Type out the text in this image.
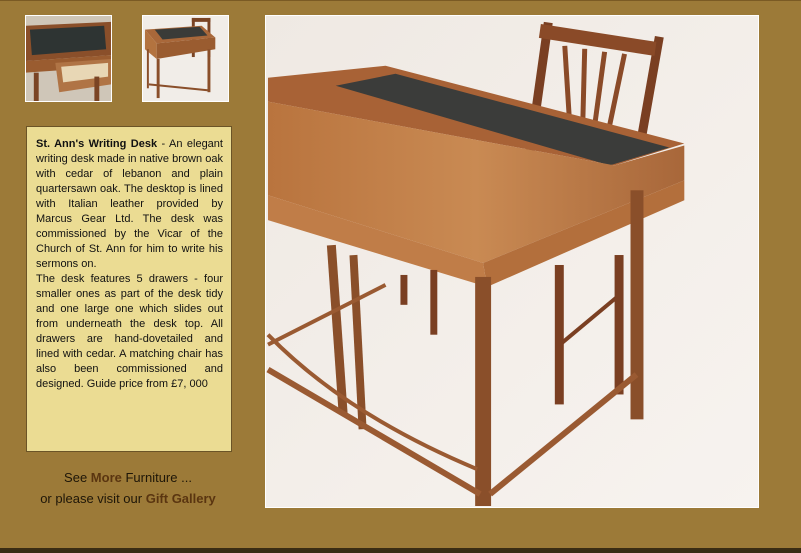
St. Ann's Writing Desk - An elegant writing desk made in native brown oak with cedar of lebanon and plain quartersawn oak. The desktop is lined with Italian leather provided by Marcus Gear Ltd. The desk was commissioned by the Vicar of the Church of St. Ann for him to write his sermons on.

The desk features 5 drawers - four smaller ones as part of the desk tidy and one large one which slides out from underneath the desk top. All drawers are hand-dovetailed and lined with cedar. A matching chair has also been commissioned and designed. Guide price from £7, 000

See More Furniture ...
or please visit our Gift Gallery
